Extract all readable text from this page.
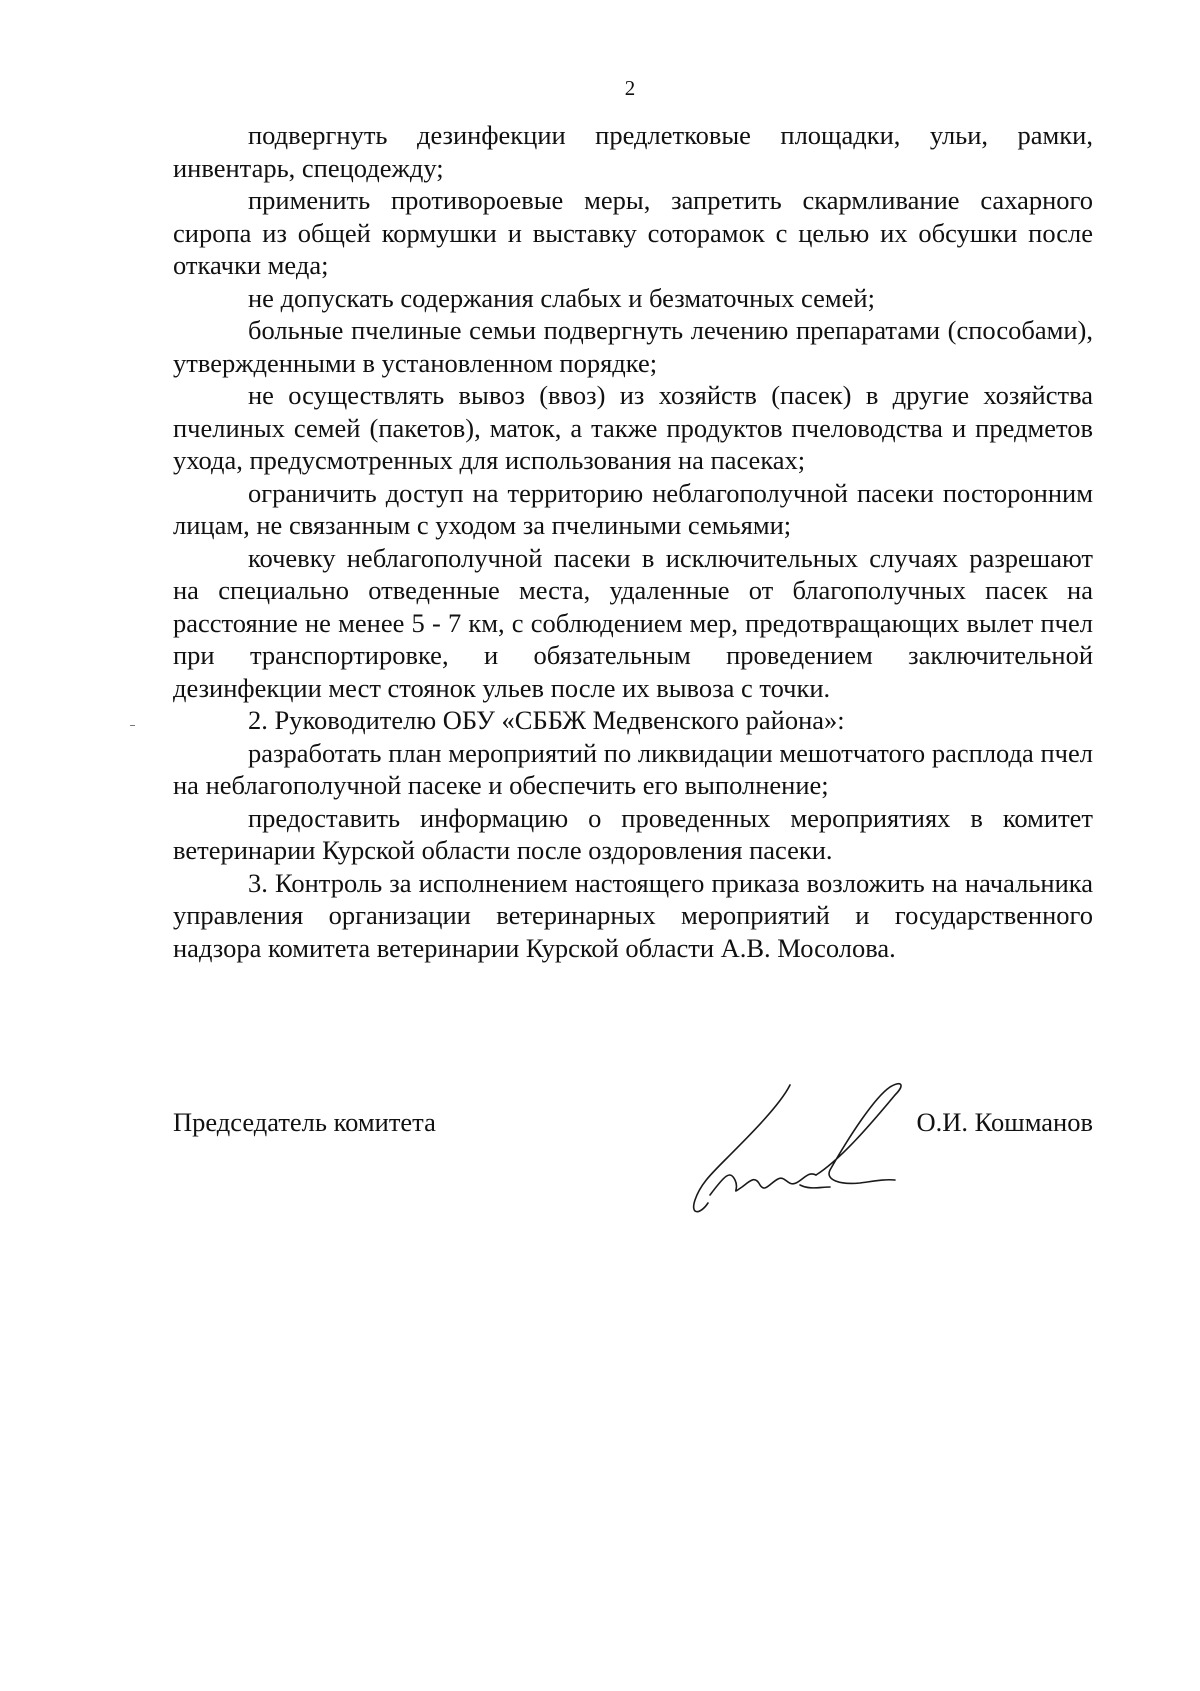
2

подвергнуть дезинфекции предлетковые площадки, ульи, рамки, инвентарь, спецодежду;

применить противороевые меры, запретить скармливание сахарного сиропа из общей кормушки и выставку соторамок с целью их обсушки после откачки меда;

не допускать содержания слабых и безматочных семей;

больные пчелиные семьи подвергнуть лечению препаратами (способами), утвержденными в установленном порядке;

не осуществлять вывоз (ввоз) из хозяйств (пасек) в другие хозяйства пчелиных семей (пакетов), маток, а также продуктов пчеловодства и предметов ухода, предусмотренных для использования на пасеках;

ограничить доступ на территорию неблагополучной пасеки посторонним лицам, не связанным с уходом за пчелиными семьями;

кочевку неблагополучной пасеки в исключительных случаях разрешают на специально отведенные места, удаленные от благополучных пасек на расстояние не менее 5 - 7 км, с соблюдением мер, предотвращающих вылет пчел при транспортировке, и обязательным проведением заключительной дезинфекции мест стоянок ульев после их вывоза с точки.

2. Руководителю ОБУ «СББЖ Медвенского района»:

разработать план мероприятий по ликвидации мешотчатого расплода пчел на неблагополучной пасеке и обеспечить его выполнение;

предоставить информацию о проведенных мероприятиях в комитет ветеринарии Курской области после оздоровления пасеки.

3. Контроль за исполнением настоящего приказа возложить на начальника управления организации ветеринарных мероприятий и государственного надзора комитета ветеринарии Курской области А.В. Мосолова.

Председатель комитета	О.И. Кошманов
